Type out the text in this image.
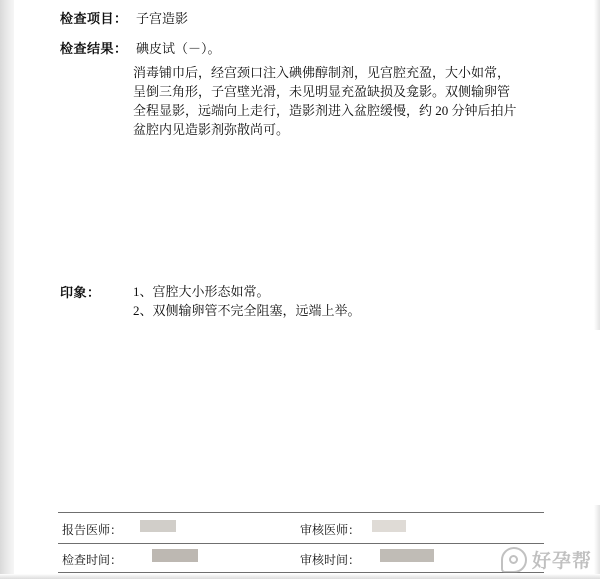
检查项目： 子宫造影
检查结果： 碘皮试（－）。
消毒铺巾后，经宫颈口注入碘佛醇制剂，见宫腔充盈，大小如常，
呈倒三角形，子宫壁光滑，未见明显充盈缺损及龛影。双侧输卵管
全程显影，远端向上走行，造影剂进入盆腔缓慢，约 20 分钟后拍片
盆腔内见造影剂弥散尚可。
印象：	1、宫腔大小形态如常。
2、双侧输卵管不完全阻塞，远端上举。
报告医师：	审核医师：
检查时间：	审核时间：	好孕帮
